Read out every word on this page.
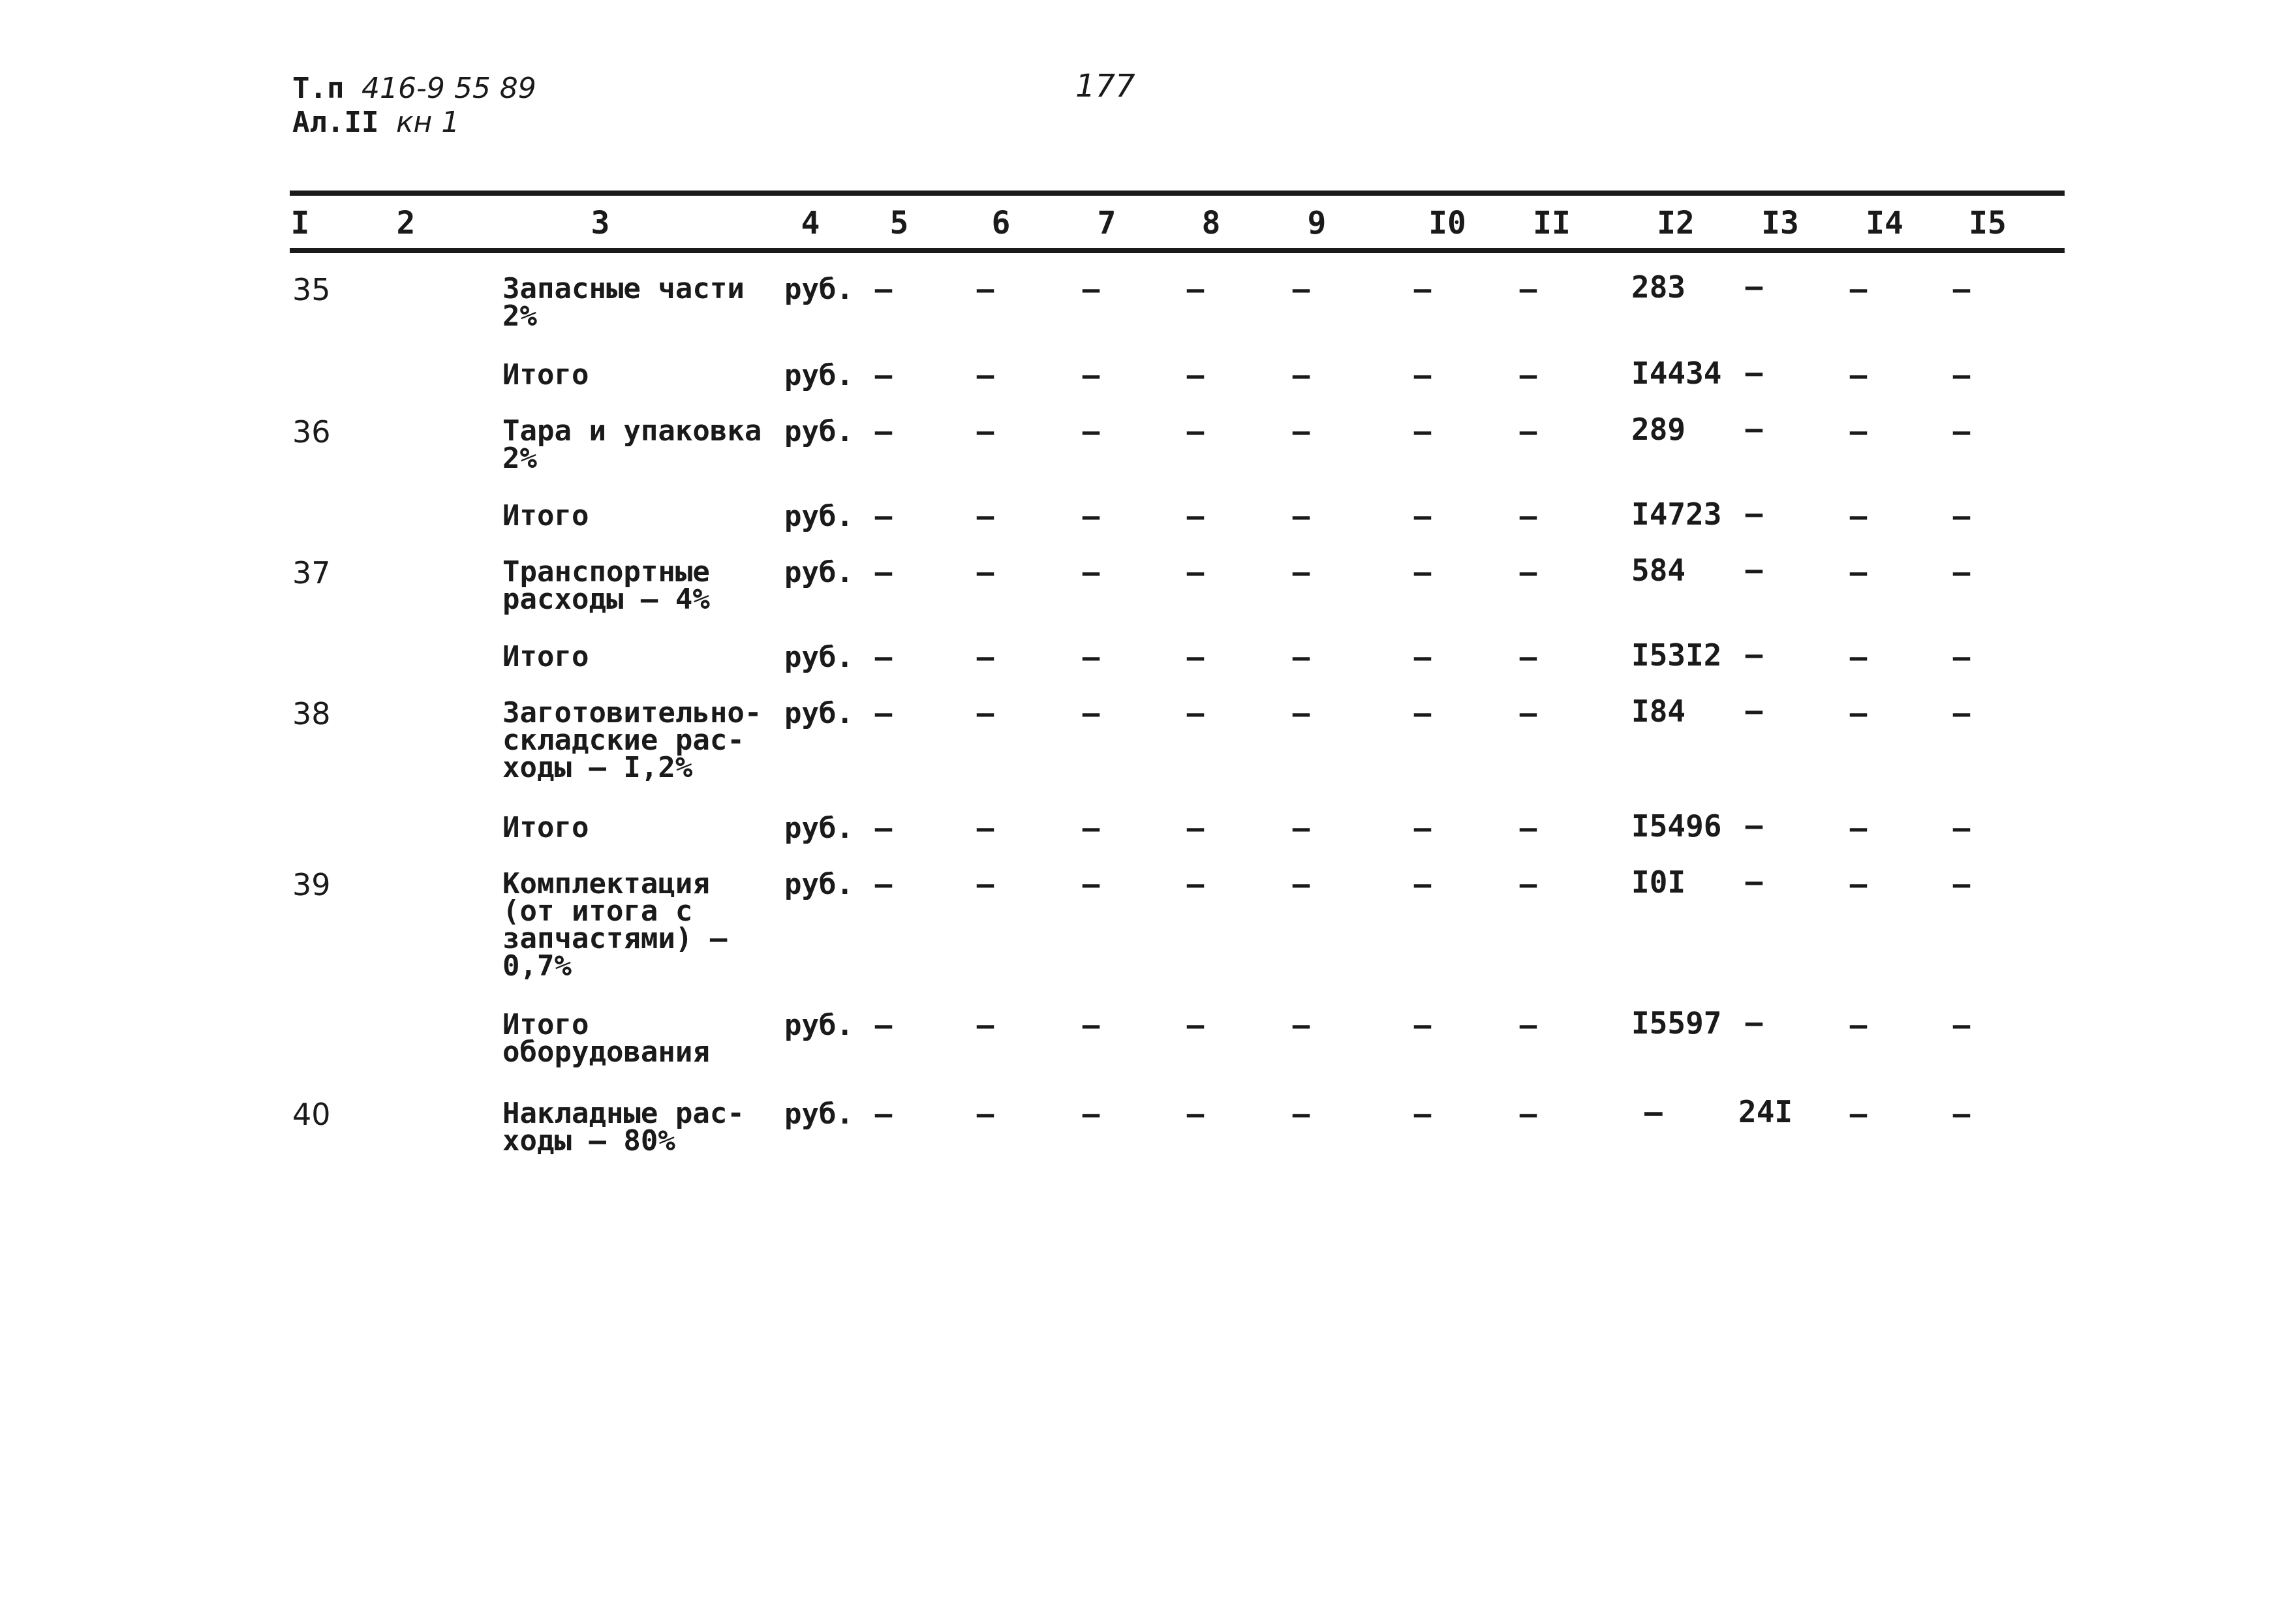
Т.п 416-9 55 89
Ал.II кн 1
177
I	2	3	4	5	6	7	8	9	I0	II	I2	I3	I4	I5
35	Запасные части
2%
руб. –	–	–	–	–	–	–	283	–	–	–
Итого	руб. –	–	–	–	–	–	–	I4434 –	–	–
36	Тара и упаковка
2%
руб. –	–	–	–	–	–	–	289	–	–	–
Итого	руб. –	–	–	–	–	–	–	I4723 –	–	–
37	Транспортные
расходы – 4%
руб. –	–	–	–	–	–	–	584	–	–	–
Итого	руб. –	–	–	–	–	–	–	I53I2 –	–	–
38	Заготовительно-
складские рас-
ходы – I,2%
руб. –	–	–	–	–	–	–	I84	–	–	–
Итого	руб. –	–	–	–	–	–	–	I5496 –	–	–
39	Комплектация
(от итога с
запчастями) –
0,7%
руб. –	–	–	–	–	–	–	I0I	–	–	–
Итого
оборудования
руб. –	–	–	–	–	–	–	I5597 –	–	–
40	Накладные рас-
ходы – 80%
руб. –	–	–	–	–	–	–	–	24I	–	–
